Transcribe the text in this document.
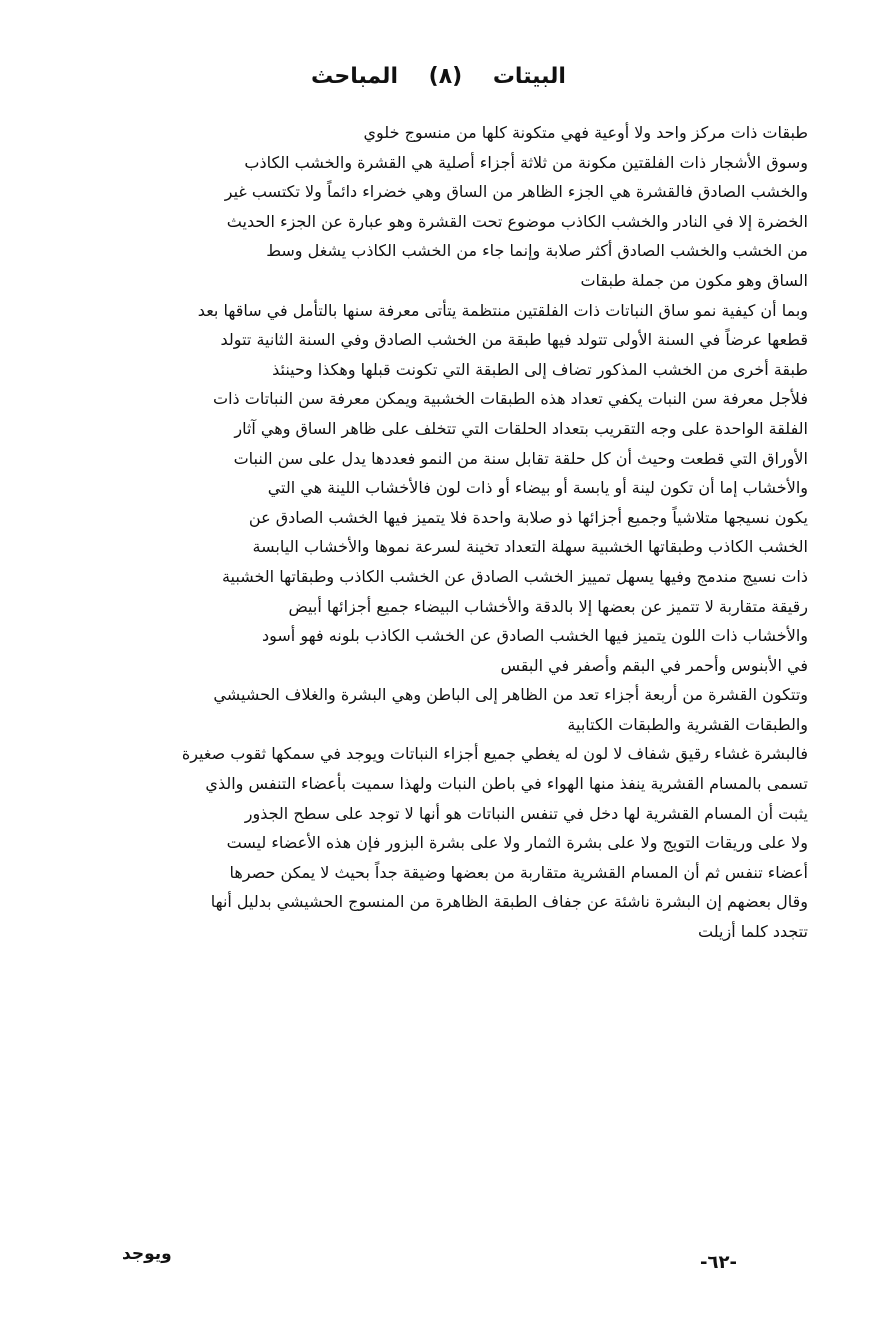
البيتات    (٨)    المباحث
طبقات ذات مركز واحد ولا أوعية فهي متكونة كلها من منسوج خلوي
وسوق الأشجار ذات الفلقتين مكونة من ثلاثة أجزاء أصلية هي القشرة والخشب الكاذب
والخشب الصادق فالقشرة هي الجزء الظاهر من الساق وهي خضراء دائماً ولا تكتسب غير
الخضرة إلا في النادر والخشب الكاذب موضوع تحت القشرة وهو عبارة عن الجزء الحديث
من الخشب والخشب الصادق أكثر صلابة وإنما جاء من الخشب الكاذب يشغل وسط
الساق وهو مكون من جملة طبقات
وبما أن كيفية نمو ساق النباتات ذات الفلقتين منتظمة يتأتى معرفة سنها بالتأمل في ساقها بعد
قطعها عرضاً في السنة الأولى تتولد فيها طبقة من الخشب الصادق وفي السنة الثانية تتولد
طبقة أخرى من الخشب المذكور تضاف إلى الطبقة التي تكونت قبلها وهكذا وحينئذ
فلأجل معرفة سن النبات يكفي تعداد هذه الطبقات الخشبية ويمكن معرفة سن النباتات ذات
الفلقة الواحدة على وجه التقريب بتعداد الحلقات التي تتخلف على ظاهر الساق وهي آثار
الأوراق التي قطعت وحيث أن كل حلقة تقابل سنة من النمو فعددها يدل على سن النبات
والأخشاب إما أن تكون لينة أو يابسة أو بيضاء أو ذات لون فالأخشاب اللينة هي التي
يكون نسيجها متلاشياً وجميع أجزائها ذو صلابة واحدة فلا يتميز فيها الخشب الصادق عن
الخشب الكاذب وطبقاتها الخشبية سهلة التعداد تخينة لسرعة نموها والأخشاب اليابسة
ذات نسيج مندمج وفيها يسهل تمييز الخشب الصادق عن الخشب الكاذب وطبقاتها الخشبية
رقيقة متقاربة لا تتميز عن بعضها إلا بالدقة والأخشاب البيضاء جميع أجزائها أبيض
والأخشاب ذات اللون يتميز فيها الخشب الصادق عن الخشب الكاذب بلونه فهو أسود
في الأبنوس وأحمر في البقم وأصفر في البقس
وتتكون القشرة من أربعة أجزاء تعد من الظاهر إلى الباطن وهي البشرة والغلاف الحشيشي
والطبقات القشرية والطبقات الكتابية
فالبشرة غشاء رقيق شفاف لا لون له يغطي جميع أجزاء النباتات ويوجد في سمكها ثقوب صغيرة
تسمى بالمسام القشرية ينفذ منها الهواء في باطن النبات ولهذا سميت بأعضاء التنفس والذي
يثبت أن المسام القشرية لها دخل في تنفس النباتات هو أنها لا توجد على سطح الجذور
ولا على وريقات التويج ولا على بشرة الثمار ولا على بشرة البزور فإن هذه الأعضاء ليست
أعضاء تنفس ثم أن المسام القشرية متقاربة من بعضها وضيقة جداً بحيث لا يمكن حصرها
وقال بعضهم إن البشرة ناشئة عن جفاف الطبقة الظاهرة من المنسوج الحشيشي بدليل أنها
تتجدد كلما أزيلت
ويوجد	-٦٢-
